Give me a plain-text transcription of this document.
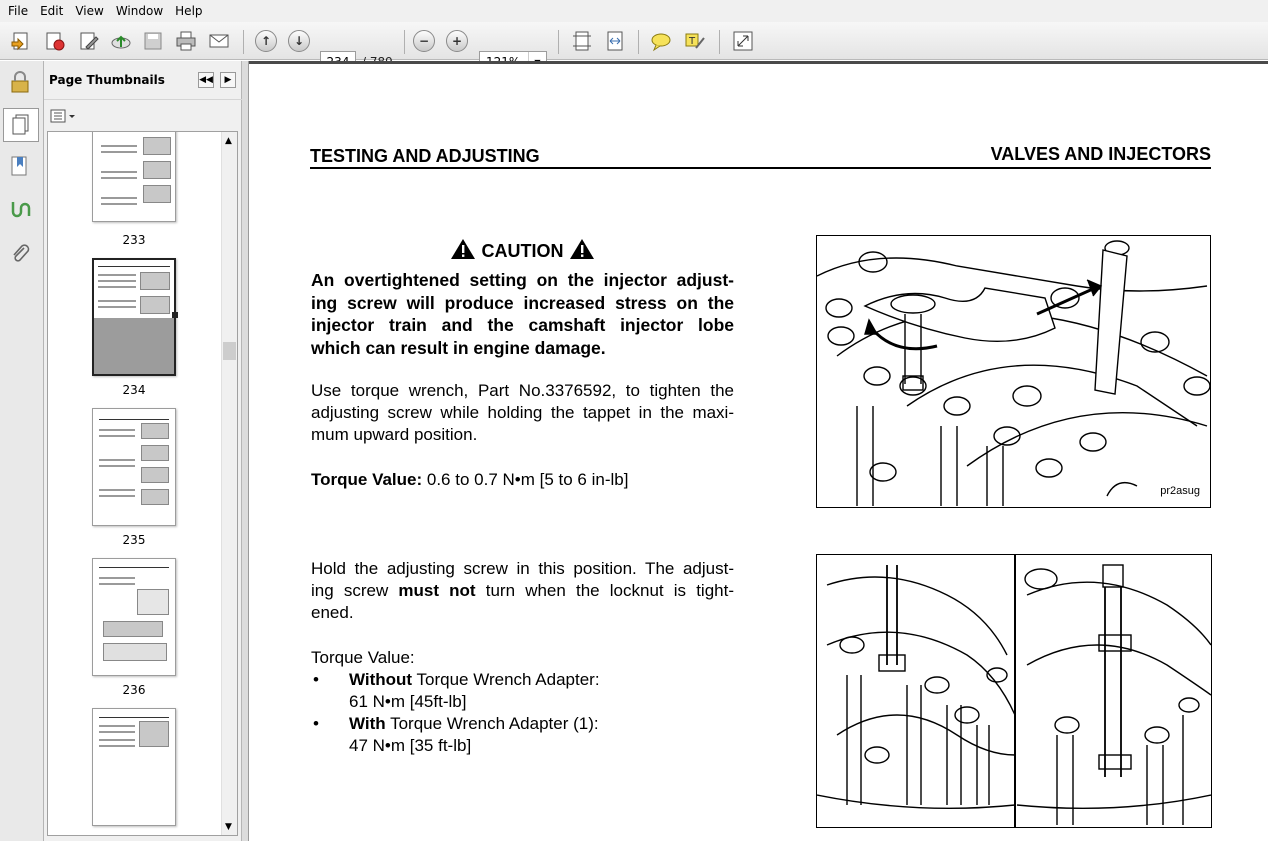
File	Edit	View	Window	Help
↑	↓	−	+	T
Page Thumbnails	◀◀	▶
233
234
235
236
▲
▼
TESTING AND ADJUSTING	VALVES AND INJECTORS
CAUTION
An overtightened setting on the injector adjust-
ing screw will produce increased stress on the
injector train and the camshaft injector lobe
which can result in engine damage.
Use torque wrench, Part No.3376592, to tighten the
adjusting screw while holding the tappet in the maxi-
mum upward position.
Torque Value: 0.6 to 0.7 N•m [5 to 6 in-lb]
Hold the adjusting screw in this position. The adjust-
ing screw must not turn when the locknut is tight-
ened.
Torque Value:
• Without Torque Wrench Adapter:
61 N•m [45ft-lb]
• With Torque Wrench Adapter (1):
47 N•m [35 ft-lb]
pr2asug
